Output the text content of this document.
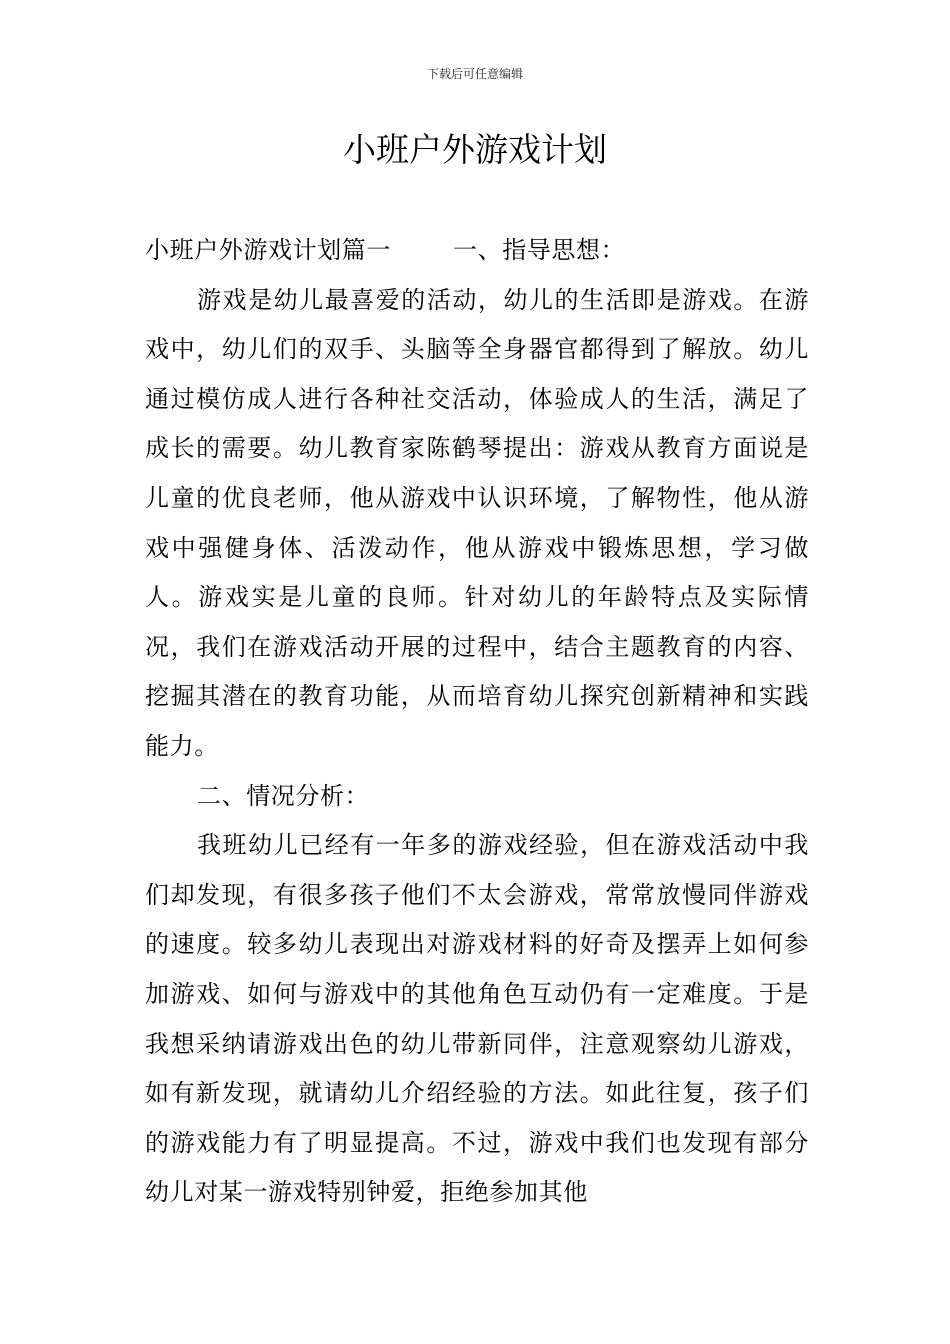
下载后可任意编辑
小班户外游戏计划

小班户外游戏计划篇一	一、指导思想：

游戏是幼儿最喜爱的活动，幼儿的生活即是游戏。在游戏中，幼儿们的双手、头脑等全身器官都得到了解放。幼儿通过模仿成人进行各种社交活动，体验成人的生活，满足了成长的需要。幼儿教育家陈鹤琴提出：游戏从教育方面说是儿童的优良老师，他从游戏中认识环境，了解物性，他从游戏中强健身体、活泼动作，他从游戏中锻炼思想，学习做人。游戏实是儿童的良师。针对幼儿的年龄特点及实际情况，我们在游戏活动开展的过程中，结合主题教育的内容、挖掘其潜在的教育功能，从而培育幼儿探究创新精神和实践能力。

二、情况分析：

我班幼儿已经有一年多的游戏经验，但在游戏活动中我们却发现，有很多孩子他们不太会游戏，常常放慢同伴游戏的速度。较多幼儿表现出对游戏材料的好奇及摆弄上如何参加游戏、如何与游戏中的其他角色互动仍有一定难度。于是我想采纳请游戏出色的幼儿带新同伴，注意观察幼儿游戏，如有新发现，就请幼儿介绍经验的方法。如此往复，孩子们的游戏能力有了明显提高。不过，游戏中我们也发现有部分幼儿对某一游戏特别钟爱，拒绝参加其他
